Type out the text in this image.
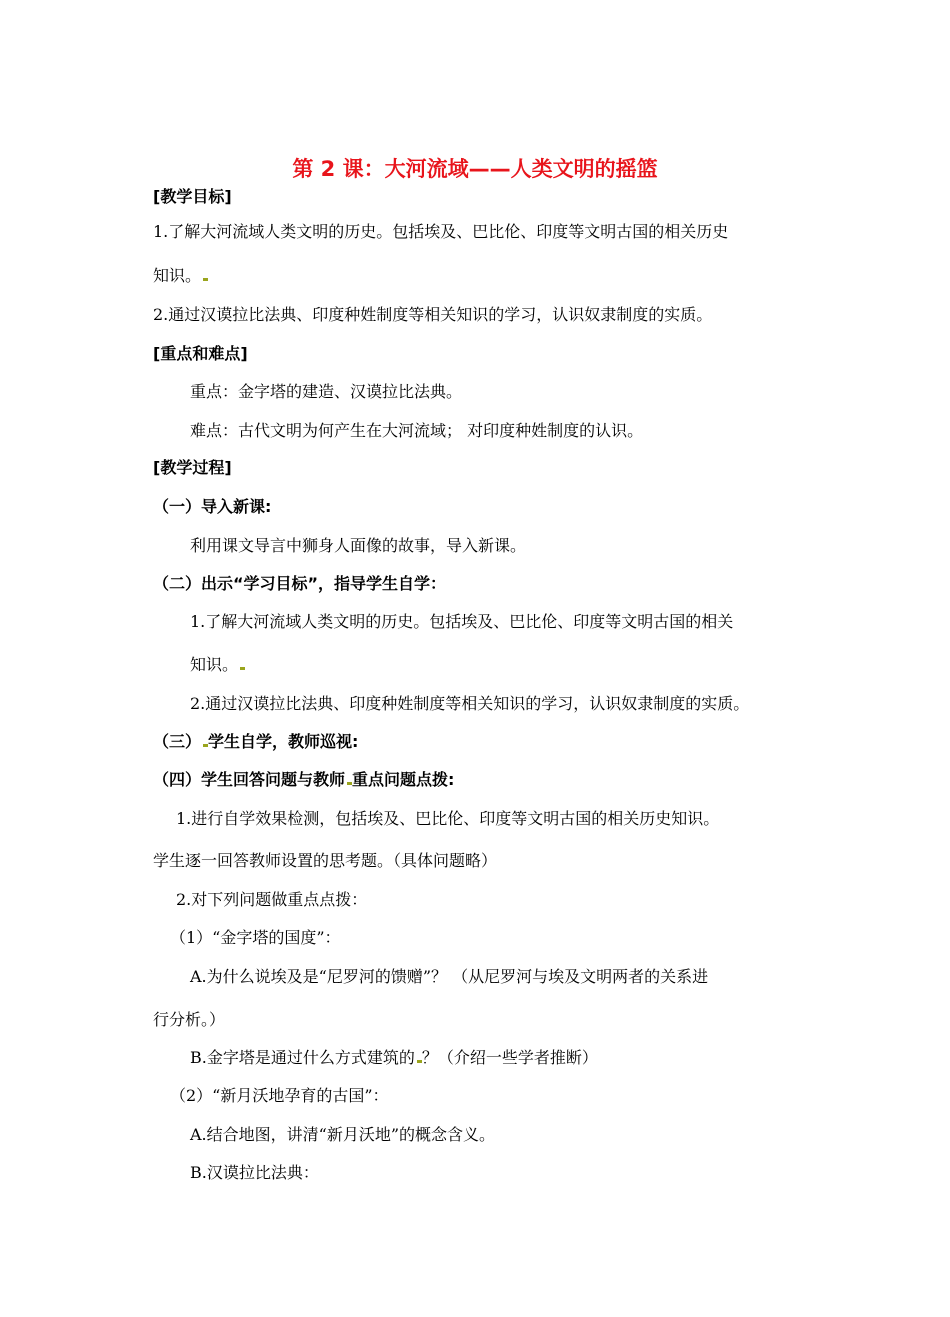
第 2 课：大河流域——人类文明的摇篮
[教学目标]
1.了解大河流域人类文明的历史。包括埃及、巴比伦、印度等文明古国的相关历史
知识。
2.通过汉谟拉比法典、印度种姓制度等相关知识的学习，认识奴隶制度的实质。
[重点和难点]
重点：金字塔的建造、汉谟拉比法典。
难点：古代文明为何产生在大河流域； 对印度种姓制度的认识。
[教学过程]
（一）导入新课:
利用课文导言中狮身人面像的故事，导入新课。
（二）出示“学习目标”，指导学生自学：
1.了解大河流域人类文明的历史。包括埃及、巴比伦、印度等文明古国的相关
知识。
2.通过汉谟拉比法典、印度种姓制度等相关知识的学习，认识奴隶制度的实质。
（三） 学生自学，教师巡视:
（四）学生回答问题与教师 重点问题点拨:
1.进行自学效果检测，包括埃及、巴比伦、印度等文明古国的相关历史知识。
学生逐一回答教师设置的思考题。（具体问题略）
2.对下列问题做重点点拨：
（1）“金字塔的国度”：
A.为什么说埃及是“尼罗河的馈赠”？ （从尼罗河与埃及文明两者的关系进
行分析。）
B.金字塔是通过什么方式建筑的 ？（介绍一些学者推断）
（2）“新月沃地孕育的古国”：
A.结合地图，讲清“新月沃地”的概念含义。
B.汉谟拉比法典：
